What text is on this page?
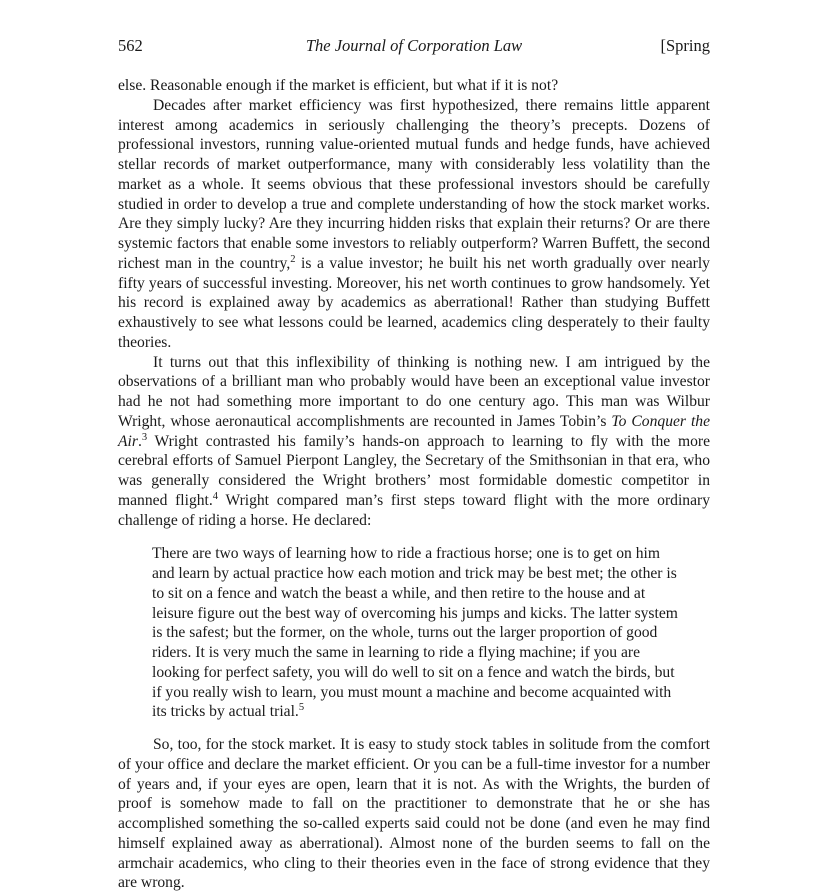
562	The Journal of Corporation Law	[Spring

else. Reasonable enough if the market is efficient, but what if it is not?

Decades after market efficiency was first hypothesized, there remains little apparent interest among academics in seriously challenging the theory’s precepts. Dozens of professional investors, running value-oriented mutual funds and hedge funds, have achieved stellar records of market outperformance, many with considerably less volatility than the market as a whole. It seems obvious that these professional investors should be carefully studied in order to develop a true and complete understanding of how the stock market works. Are they simply lucky? Are they incurring hidden risks that explain their returns? Or are there systemic factors that enable some investors to reliably outperform? Warren Buffett, the second richest man in the country,$^2$ is a value investor; he built his net worth gradually over nearly fifty years of successful investing. Moreover, his net worth continues to grow handsomely. Yet his record is explained away by academics as aberrational! Rather than studying Buffett exhaustively to see what lessons could be learned, academics cling desperately to their faulty theories.

It turns out that this inflexibility of thinking is nothing new. I am intrigued by the observations of a brilliant man who probably would have been an exceptional value investor had he not had something more important to do one century ago. This man was Wilbur Wright, whose aeronautical accomplishments are recounted in James Tobin’s To Conquer the Air.$^3$ Wright contrasted his family’s hands-on approach to learning to fly with the more cerebral efforts of Samuel Pierpont Langley, the Secretary of the Smithsonian in that era, who was generally considered the Wright brothers’ most formidable domestic competitor in manned flight.$^4$ Wright compared man’s first steps toward flight with the more ordinary challenge of riding a horse. He declared:

There are two ways of learning how to ride a fractious horse; one is to get on him and learn by actual practice how each motion and trick may be best met; the other is to sit on a fence and watch the beast a while, and then retire to the house and at leisure figure out the best way of overcoming his jumps and kicks. The latter system is the safest; but the former, on the whole, turns out the larger proportion of good riders. It is very much the same in learning to ride a flying machine; if you are looking for perfect safety, you will do well to sit on a fence and watch the birds, but if you really wish to learn, you must mount a machine and become acquainted with its tricks by actual trial.$^5$

So, too, for the stock market. It is easy to study stock tables in solitude from the comfort of your office and declare the market efficient. Or you can be a full-time investor for a number of years and, if your eyes are open, learn that it is not. As with the Wrights, the burden of proof is somehow made to fall on the practitioner to demonstrate that he or she has accomplished something the so-called experts said could not be done (and even he may find himself explained away as aberrational). Almost none of the burden seems to fall on the armchair academics, who cling to their theories even in the face of strong evidence that they are wrong.
